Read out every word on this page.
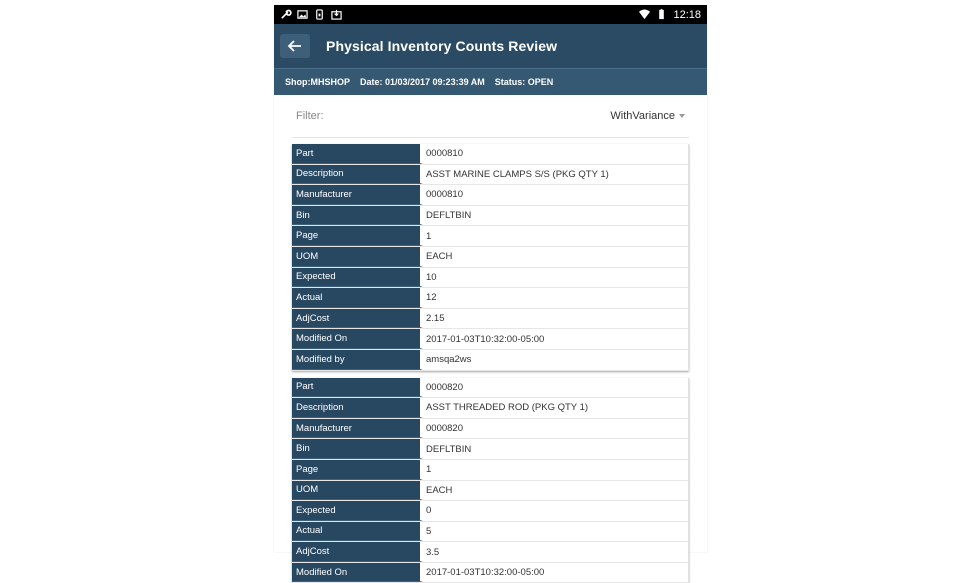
12:18
Physical Inventory Counts Review
Shop:MHSHOP Date: 01/03/2017 09:23:39 AM Status: OPEN
Filter:	WithVariance
Part	0000810
Description	ASST MARINE CLAMPS S/S (PKG QTY 1)
Manufacturer	0000810
Bin	DEFLTBIN
Page	1
UOM	EACH
Expected	10
Actual	12
AdjCost	2.15
Modified On	2017-01-03T10:32:00-05:00
Modified by	amsqa2ws
Part	0000820
Description	ASST THREADED ROD (PKG QTY 1)
Manufacturer	0000820
Bin	DEFLTBIN
Page	1
UOM	EACH
Expected	0
Actual	5
AdjCost	3.5
Modified On	2017-01-03T10:32:00-05:00
